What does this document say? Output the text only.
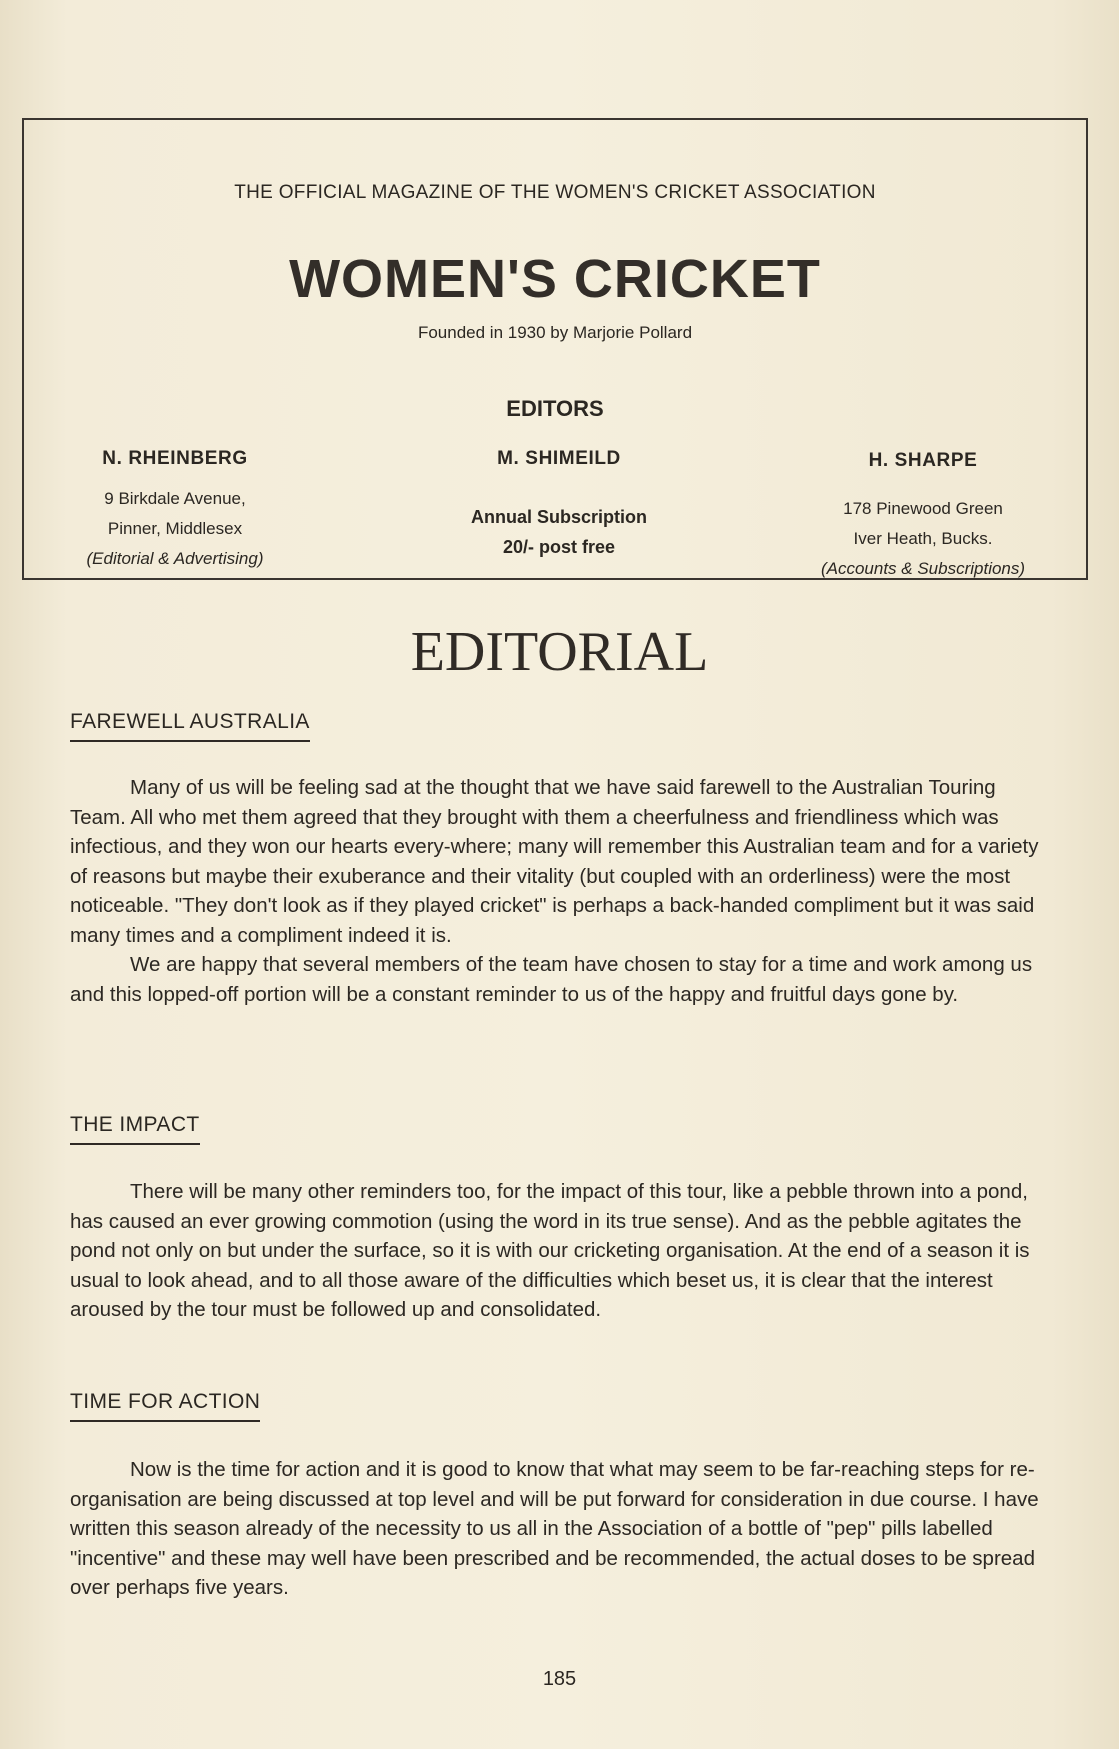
THE OFFICIAL MAGAZINE OF THE WOMEN'S CRICKET ASSOCIATION
WOMEN'S CRICKET
Founded in 1930 by Marjorie Pollard
EDITORS
N. RHEINBERG
9 Birkdale Avenue,
Pinner, Middlesex
(Editorial & Advertising)
M. SHIMEILD
Annual Subscription
20/- post free
H. SHARPE
178 Pinewood Green
Iver Heath, Bucks.
(Accounts & Subscriptions)
EDITORIAL
FAREWELL AUSTRALIA

Many of us will be feeling sad at the thought that we have said farewell to the Australian Touring Team. All who met them agreed that they brought with them a cheerfulness and friendliness which was infectious, and they won our hearts every-where; many will remember this Australian team and for a variety of reasons but maybe their exuberance and their vitality (but coupled with an orderliness) were the most noticeable. "They don't look as if they played cricket" is perhaps a back-handed compliment but it was said many times and a compliment indeed it is.

We are happy that several members of the team have chosen to stay for a time and work among us and this lopped-off portion will be a constant reminder to us of the happy and fruitful days gone by.

THE IMPACT

There will be many other reminders too, for the impact of this tour, like a pebble thrown into a pond, has caused an ever growing commotion (using the word in its true sense). And as the pebble agitates the pond not only on but under the surface, so it is with our cricketing organisation. At the end of a season it is usual to look ahead, and to all those aware of the difficulties which beset us, it is clear that the interest aroused by the tour must be followed up and consolidated.

TIME FOR ACTION

Now is the time for action and it is good to know that what may seem to be far-reaching steps for re-organisation are being discussed at top level and will be put forward for consideration in due course. I have written this season already of the necessity to us all in the Association of a bottle of "pep" pills labelled "incentive" and these may well have been prescribed and be recommended, the actual doses to be spread over perhaps five years.

185
